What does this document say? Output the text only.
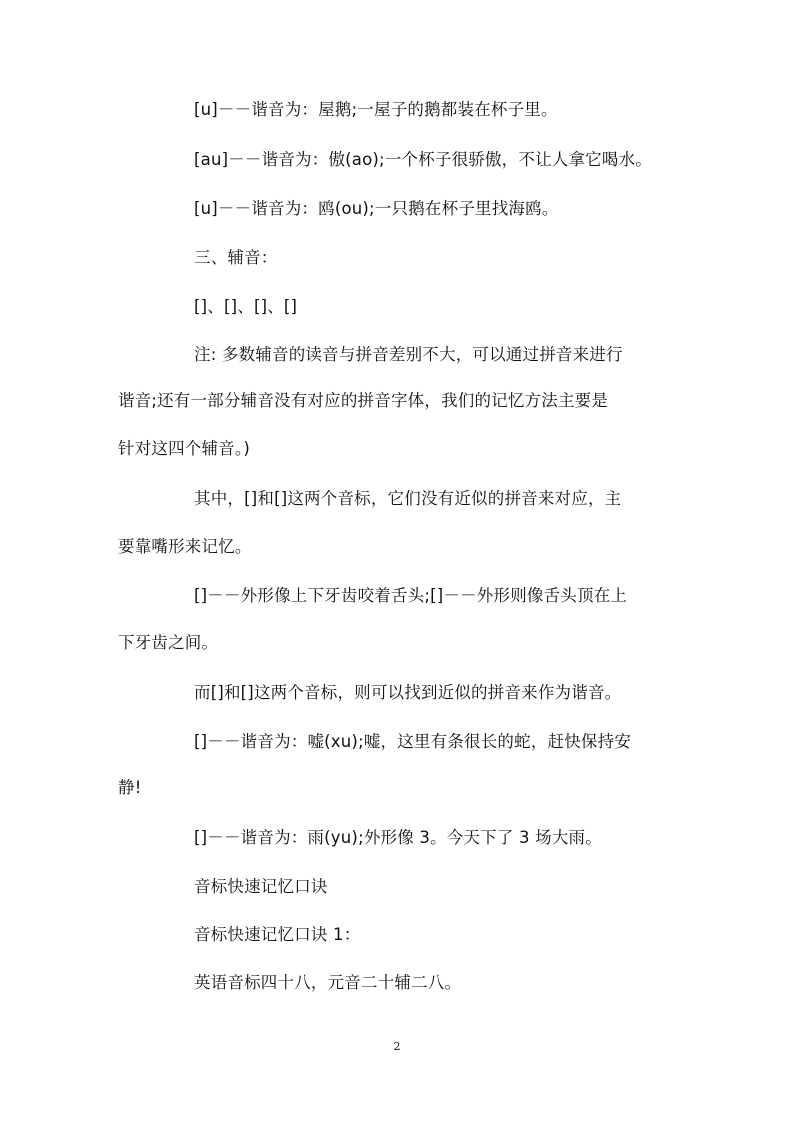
[u]－－谐音为：屋鹅;一屋子的鹅都装在杯子里。
[au]－－谐音为：傲(ao);一个杯子很骄傲，不让人拿它喝水。
[u]－－谐音为：鸥(ou);一只鹅在杯子里找海鸥。
三、辅音：
[]、[]、[]、[]
注: 多数辅音的读音与拼音差别不大，可以通过拼音来进行
谐音;还有一部分辅音没有对应的拼音字体，我们的记忆方法主要是
针对这四个辅音。)
其中，[]和[]这两个音标，它们没有近似的拼音来对应，主
要靠嘴形来记忆。
[]－－外形像上下牙齿咬着舌头;[]－－外形则像舌头顶在上
下牙齿之间。
而[]和[]这两个音标，则可以找到近似的拼音来作为谐音。
[]－－谐音为：嘘(xu);嘘，这里有条很长的蛇，赶快保持安
静!
[]－－谐音为：雨(yu);外形像 3。今天下了 3 场大雨。
音标快速记忆口诀
音标快速记忆口诀 1：
英语音标四十八，元音二十辅二八。
2
